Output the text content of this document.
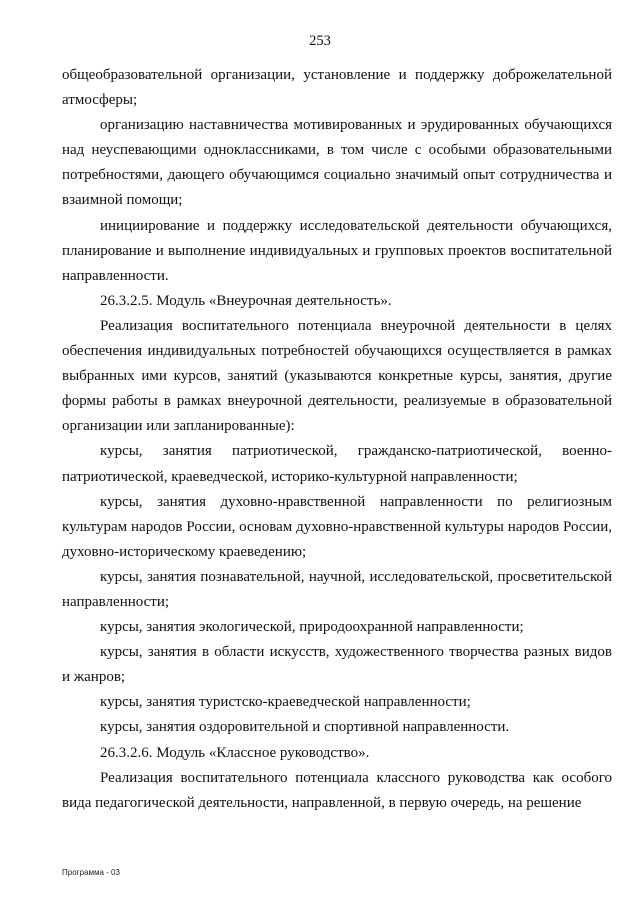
253

общеобразовательной организации, установление и поддержку доброжелательной атмосферы;

организацию наставничества мотивированных и эрудированных обучающихся над неуспевающими одноклассниками, в том числе с особыми образовательными потребностями, дающего обучающимся социально значимый опыт сотрудничества и взаимной помощи;

инициирование и поддержку исследовательской деятельности обучающихся, планирование и выполнение индивидуальных и групповых проектов воспитательной направленности.

26.3.2.5. Модуль «Внеурочная деятельность».

Реализация воспитательного потенциала внеурочной деятельности в целях обеспечения индивидуальных потребностей обучающихся осуществляется в рамках выбранных ими курсов, занятий (указываются конкретные курсы, занятия, другие формы работы в рамках внеурочной деятельности, реализуемые в образовательной организации или запланированные):

курсы, занятия патриотической, гражданско-патриотической, военно-патриотической, краеведческой, историко-культурной направленности;

курсы, занятия духовно-нравственной направленности по религиозным культурам народов России, основам духовно-нравственной культуры народов России, духовно-историческому краеведению;

курсы, занятия познавательной, научной, исследовательской, просветительской направленности;

курсы, занятия экологической, природоохранной направленности;

курсы, занятия в области искусств, художественного творчества разных видов и жанров;

курсы, занятия туристско-краеведческой направленности;

курсы, занятия оздоровительной и спортивной направленности.

26.3.2.6. Модуль «Классное руководство».

Реализация воспитательного потенциала классного руководства как особого вида педагогической деятельности, направленной, в первую очередь, на решение

Программа - 03
